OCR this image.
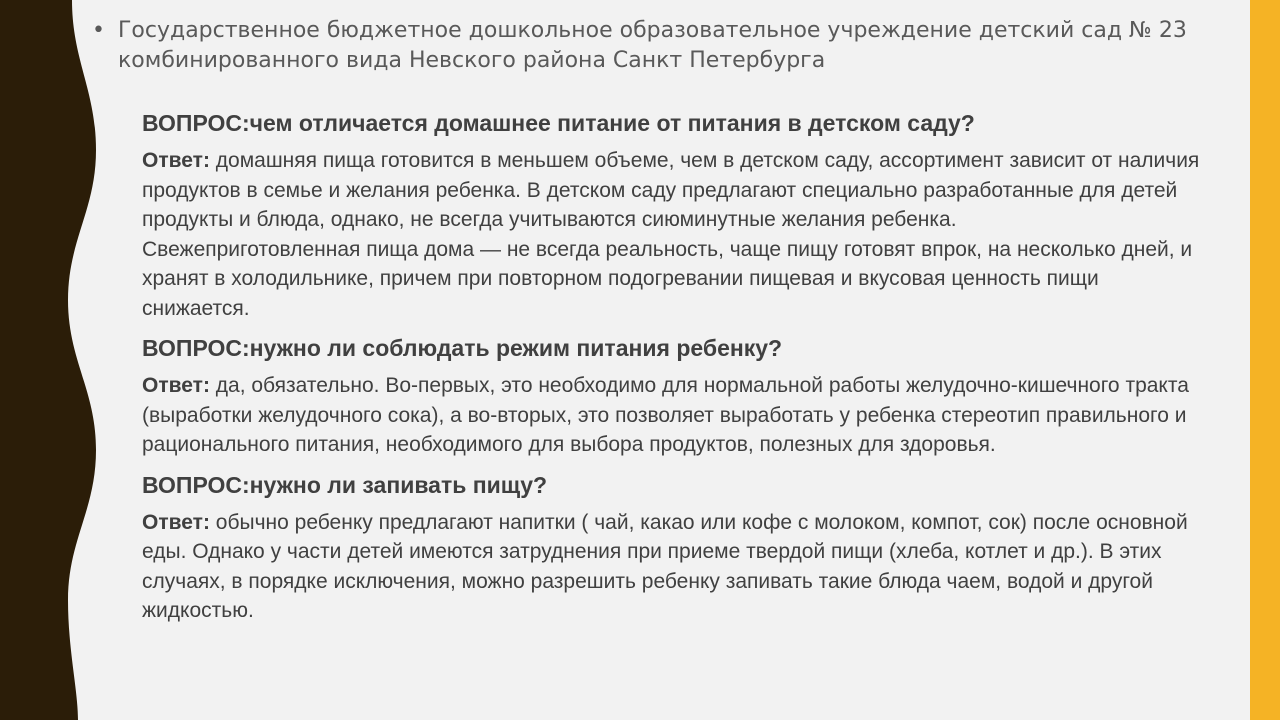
• Государственное бюджетное дошкольное образовательное учреждение детский сад № 23
комбинированного вида Невского района Санкт Петербурга

ВОПРОС:чем отличается домашнее питание от питания в детском саду?

Ответ: домашняя пища готовится в меньшем объеме, чем в детском саду, ассортимент зависит от наличия продуктов в семье и желания ребенка. В детском саду предлагают специально разработанные для детей продукты и блюда, однако, не всегда учитываются сиюминутные желания ребенка.

Свежеприготовленная пища дома — не всегда реальность, чаще пищу готовят впрок, на несколько дней, и хранят в холодильнике, причем при повторном подогревании пищевая и вкусовая ценность пищи снижается.

ВОПРОС:нужно ли соблюдать режим питания ребенку?

Ответ: да, обязательно. Во-первых, это необходимо для нормальной работы желудочно-кишечного тракта (выработки желудочного сока), а во-вторых, это позволяет выработать у ребенка стереотип правильного и рационального питания, необходимого для выбора продуктов, полезных для здоровья.

ВОПРОС:нужно ли запивать пищу?

Ответ: обычно ребенку предлагают напитки ( чай, какао или кофе с молоком, компот, сок) после основной еды. Однако у части детей имеются затруднения при приеме твердой пищи (хлеба, котлет и др.). В этих случаях, в порядке исключения, можно разрешить ребенку запивать такие блюда чаем, водой и другой жидкостью.
